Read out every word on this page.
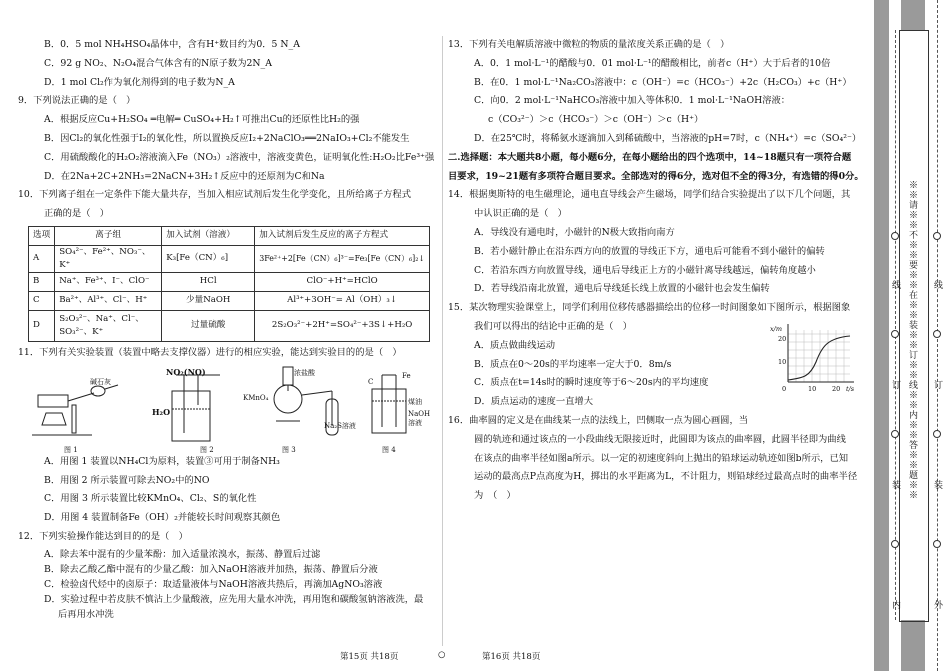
B．0．5 mol NH₄HSO₄晶体中，含有H⁺数目约为0．5 N_A

C．92 g NO₂、N₂O₄混合气体含有的N原子数为2N_A

D．1 mol Cl₂作为氧化剂得到的电子数为N_A

9．下列说法正确的是（　）

A．根据反应Cu+H₂SO₄ ═电解═ CuSO₄+H₂↑可推出Cu的还原性比H₂的强

B．因Cl₂的氧化性强于I₂的氧化性，所以置换反应I₂+2NaClO₃══2NaIO₃+Cl₂不能发生

C．用硫酸酸化的H₂O₂溶液滴入Fe（NO₃）₂溶液中，溶液变黄色，证明氧化性:H₂O₂比Fe³⁺强

D．在2Na+2C+2NH₃=2NaCN+3H₂↑反应中的还原剂为C和Na

10．下列离子组在一定条件下能大量共存，当加入相应试剂后发生化学变化，且所给离子方程式

正确的是（　）

选项	离子组	加入试剂（溶液）	加入试剂后发生反应的离子方程式
A	SO₄²⁻、Fe²⁺、NO₃⁻、K⁺	K₃[Fe（CN）₆]	3Fe²⁺+2[Fe（CN）₆]³⁻=Fe₃[Fe（CN）₆]₂↓
B	Na⁺、Fe³⁺、I⁻、ClO⁻	HCl	ClO⁻+H⁺=HClO
C	Ba²⁺、Al³⁺、Cl⁻、H⁺	少量NaOH	Al³⁺+3OH⁻= Al（OH）₃↓
D	S₂O₃²⁻、Na⁺、Cl⁻、SO₃²⁻、K⁺	过量硫酸	2S₂O₃²⁻+2H⁺=SO₄²⁻+3S↓+H₂O

11．下列有关实验装置（装置中略去支撑仪器）进行的相应实验，能达到实验目的的是（　）

碱石灰
图 1
NO₂(NO)
H₂O
图 2
浓盐酸
KMnO₄
Na₂S溶液
图 3
C
Fe
煤油
NaOH
溶液
图 4

A．用图 1 装置以NH₄Cl为原料，装置③可用于制备NH₃

B．用图 2 所示装置可除去NO₂中的NO

C．用图 3 所示装置比较KMnO₄、Cl₂、S的氧化性

D．用图 4 装置制备Fe（OH）₂并能较长时间观察其颜色

12．下列实验操作能达到目的的是（　）

A．除去苯中混有的少量苯酚：加入适量浓溴水，振荡、静置后过滤

B．除去乙酸乙酯中混有的少量乙酸：加入NaOH溶液并加热，振荡、静置后分液

C．检验卤代烃中的卤原子：取适量液体与NaOH溶液共热后，再滴加AgNO₃溶液

D．实验过程中若皮肤不慎沾上少量酸液，应先用大量水冲洗，再用饱和碳酸氢钠溶液洗，最

后再用水冲洗

13．下列有关电解质溶液中微粒的物质的量浓度关系正确的是（　）

A．0．1 mol·L⁻¹的醋酸与0．01 mol·L⁻¹的醋酸相比，前者c（H⁺）大于后者的10倍

B．在0．1 mol·L⁻¹Na₂CO₃溶液中：c（OH⁻）=c（HCO₃⁻）+2c（H₂CO₃）+c（H⁺）

C．向0．2 mol·L⁻¹NaHCO₃溶液中加入等体积0．1 mol·L⁻¹NaOH溶液：

c（CO₃²⁻）＞c（HCO₃⁻）＞c（OH⁻）＞c（H⁺）

D．在25℃时，将稀氨水逐滴加入到稀硫酸中，当溶液的pH=7时，c（NH₄⁺）=c（SO₄²⁻）

二.选择题：本大题共8小题，每小题6分，在每小题给出的四个选项中，14~18题只有一项符合题

目要求，19~21题有多项符合题目要求。全部选对的得6分，选对但不全的得3分，有选错的得0分。

14．根据奥斯特的电生磁理论，通电直导线会产生磁场，同学们结合实验提出了以下几个问题，其

中认识正确的是（　）

A．导线没有通电时，小磁针的N极大致指向南方

B．若小磁针静止在沿东西方向的放置的导线正下方，通电后可能看不到小磁针的偏转

C．若沿东西方向放置导线，通电后导线正上方的小磁针离导线越远，偏转角度越小

D．若导线沿南北放置，通电后导线延长线上放置的小磁针也会发生偏转

15．某次物理实验课堂上，同学们利用位移传感器描绘出的位移一时间图象如下图所示，根据图象

我们可以得出的结论中正确的是（　）

A．质点做曲线运动

B．质点在0～20s的平均速率一定大于0．8m/s

C．质点在t=14s时的瞬时速度等于6～20s内的平均速度

D．质点运动的速度一直增大

x/m
20
10
0	10 20 t/s

16．曲率圆的定义是在曲线某一点的法线上，凹侧取一点为圆心画圆，当

圆的轨迹和通过该点的一小段曲线无限接近时，此圆即为该点的曲率圆，此圆半径即为曲线

在该点的曲率半径如图a所示。以一定的初速度斜向上抛出的铅球运动轨迹如图b所示，已知

运动的最高点P点高度为H，掷出的水平距离为L，不计阻力，则铅球经过最高点时的曲率半径

为　（　）

第15页 共18页	○	第16页 共18页
※※请※※不※※要※※在※※装※※订※※线※※内※※答※※题※※
线
订
装
内
线
订
装
外
